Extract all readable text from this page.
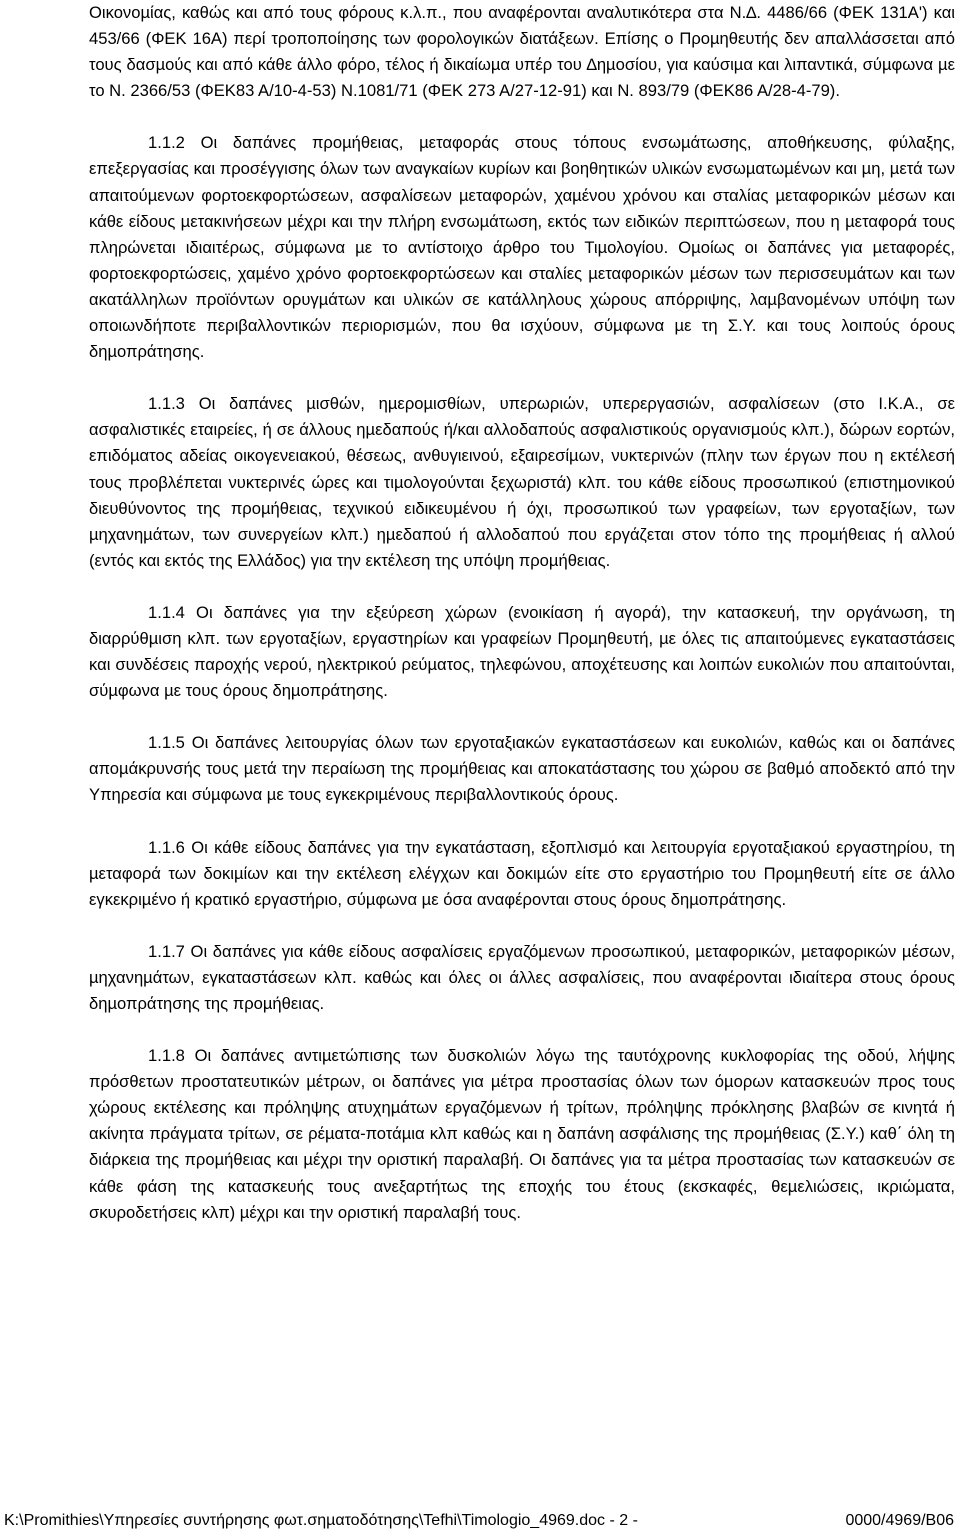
Οικονοµίας, καθώς και από τους φόρους κ.λ.π., που αναφέρονται αναλυτικότερα στα Ν.∆. 4486/66 (ΦΕΚ 131Α') και 453/66 (ΦΕΚ 16Α) περί τροποποίησης των φορολογικών διατάξεων. Επίσης ο Προµηθευτής δεν απαλλάσσεται από τους δασµούς και από κάθε άλλο φόρο, τέλος ή δικαίωµα υπέρ του ∆ηµοσίου, για καύσιµα και λιπαντικά, σύµφωνα µε το Ν. 2366/53 (ΦΕΚ83 Α/10-4-53) Ν.1081/71 (ΦΕΚ 273 Α/27-12-91) και Ν. 893/79 (ΦΕΚ86 Α/28-4-79).

1.1.2 Οι δαπάνες προµήθειας, µεταφοράς στους τόπους ενσωµάτωσης, αποθήκευσης, φύλαξης, επεξεργασίας και προσέγγισης όλων των αναγκαίων κυρίων και βοηθητικών υλικών ενσωµατωµένων και µη, µετά των απαιτούµενων φορτοεκφορτώσεων, ασφαλίσεων µεταφορών, χαµένου χρόνου και σταλίας µεταφορικών µέσων και κάθε είδους µετακινήσεων µέχρι και την πλήρη ενσωµάτωση, εκτός των ειδικών περιπτώσεων, που η µεταφορά τους πληρώνεται ιδιαιτέρως, σύµφωνα µε το αντίστοιχο άρθρο του Τιµολογίου. Οµοίως οι δαπάνες για µεταφορές, φορτοεκφορτώσεις, χαµένο χρόνο φορτοεκφορτώσεων και σταλίες µεταφορικών µέσων των περισσευµάτων και των ακατάλληλων προϊόντων ορυγµάτων και υλικών σε κατάλληλους χώρους απόρριψης, λαµβανοµένων υπόψη των οποιωνδήποτε περιβαλλοντικών περιορισµών, που θα ισχύουν, σύµφωνα µε τη Σ.Υ. και τους λοιπούς όρους δηµοπράτησης.

1.1.3 Οι δαπάνες µισθών, ηµεροµισθίων, υπερωριών, υπερεργασιών, ασφαλίσεων (στο Ι.Κ.Α., σε ασφαλιστικές εταιρείες, ή σε άλλους ηµεδαπούς ή/και αλλοδαπούς ασφαλιστικούς οργανισµούς κλπ.), δώρων εορτών, επιδόµατος αδείας οικογενειακού, θέσεως, ανθυγιεινού, εξαιρεσίµων, νυκτερινών (πλην των έργων που η εκτέλεσή τους προβλέπεται νυκτερινές ώρες και τιµολογούνται ξεχωριστά) κλπ. του κάθε είδους προσωπικού (επιστηµονικού διευθύνοντος της προµήθειας, τεχνικού ειδικευµένου ή όχι, προσωπικού των γραφείων, των εργοταξίων, των µηχανηµάτων, των συνεργείων κλπ.) ηµεδαπού ή αλλοδαπού που εργάζεται στον τόπο της προµήθειας ή αλλού (εντός και εκτός της Ελλάδος) για την εκτέλεση της υπόψη προµήθειας.

1.1.4 Οι δαπάνες για την εξεύρεση χώρων (ενοικίαση ή αγορά), την κατασκευή, την οργάνωση, τη διαρρύθµιση κλπ. των εργοταξίων, εργαστηρίων και γραφείων Προµηθευτή, µε όλες τις απαιτούµενες εγκαταστάσεις και συνδέσεις παροχής νερού, ηλεκτρικού ρεύµατος, τηλεφώνου, αποχέτευσης και λοιπών ευκολιών που απαιτούνται, σύµφωνα µε τους όρους δηµοπράτησης.

1.1.5 Οι δαπάνες λειτουργίας όλων των εργοταξιακών εγκαταστάσεων και ευκολιών, καθώς και οι δαπάνες αποµάκρυνσής τους µετά την περαίωση της προµήθειας και αποκατάστασης του χώρου σε βαθµό αποδεκτό από την Υπηρεσία και σύµφωνα µε τους εγκεκριµένους περιβαλλοντικούς όρους.

1.1.6 Οι κάθε είδους δαπάνες για την εγκατάσταση, εξοπλισµό και λειτουργία εργοταξιακού εργαστηρίου, τη µεταφορά των δοκιµίων και την εκτέλεση ελέγχων και δοκιµών είτε στο εργαστήριο του Προµηθευτή είτε σε άλλο εγκεκριµένο ή κρατικό εργαστήριο, σύµφωνα µε όσα αναφέρονται στους όρους δηµοπράτησης.

1.1.7 Οι δαπάνες για κάθε είδους ασφαλίσεις εργαζόµενων προσωπικού, µεταφορικών, µεταφορικών µέσων, µηχανηµάτων, εγκαταστάσεων κλπ. καθώς και όλες οι άλλες ασφαλίσεις, που αναφέρονται ιδιαίτερα στους όρους δηµοπράτησης της προµήθειας.

1.1.8 Οι δαπάνες αντιµετώπισης των δυσκολιών λόγω της ταυτόχρονης κυκλοφορίας της οδού, λήψης πρόσθετων προστατευτικών µέτρων, οι δαπάνες για µέτρα προστασίας όλων των όµορων κατασκευών προς τους χώρους εκτέλεσης και πρόληψης ατυχηµάτων εργαζόµενων ή τρίτων, πρόληψης πρόκλησης βλαβών σε κινητά ή ακίνητα πράγµατα τρίτων, σε ρέµατα-ποτάµια κλπ καθώς και η δαπάνη ασφάλισης της προµήθειας (Σ.Υ.) καθ΄ όλη τη διάρκεια της προµήθειας και µέχρι την οριστική παραλαβή. Οι δαπάνες για τα µέτρα προστασίας των κατασκευών σε κάθε φάση της κατασκευής τους ανεξαρτήτως της εποχής του έτους (εκσκαφές, θεµελιώσεις, ικριώµατα, σκυροδετήσεις κλπ) µέχρι και την οριστική παραλαβή τους.

K:\Promithies\Υπηρεσίες συντήρησης φωτ.σηµατοδότησης\Tefhi\Timologio_4969.doc - 2 -	0000/4969/B06
